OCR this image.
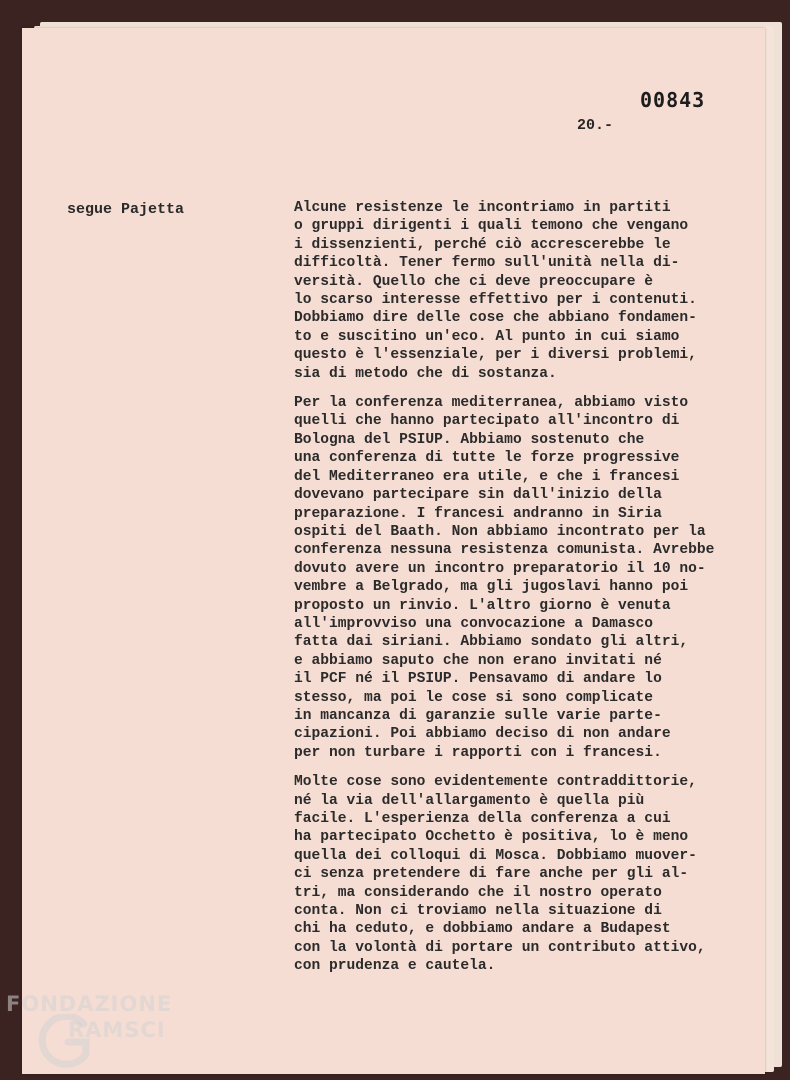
00843
20.-
segue Pajetta	Alcune resistenze le incontriamo in partiti
o gruppi dirigenti i quali temono che vengano
i dissenzienti, perché ciò accrescerebbe le
difficoltà. Tener fermo sull'unità nella di-
versità. Quello che ci deve preoccupare è
lo scarso interesse effettivo per i contenuti.
Dobbiamo dire delle cose che abbiano fondamen-
to e suscitino un'eco. Al punto in cui siamo
questo è l'essenziale, per i diversi problemi,
sia di metodo che di sostanza.
Per la conferenza mediterranea, abbiamo visto
quelli che hanno partecipato all'incontro di
Bologna del PSIUP. Abbiamo sostenuto che
una conferenza di tutte le forze progressive
del Mediterraneo era utile, e che i francesi
dovevano partecipare sin dall'inizio della
preparazione. I francesi andranno in Siria
ospiti del Baath. Non abbiamo incontrato per la
conferenza nessuna resistenza comunista. Avrebbe
dovuto avere un incontro preparatorio il 10 no-
vembre a Belgrado, ma gli jugoslavi hanno poi
proposto un rinvio. L'altro giorno è venuta
all'improvviso una convocazione a Damasco
fatta dai siriani. Abbiamo sondato gli altri,
e abbiamo saputo che non erano invitati né
il PCF né il PSIUP. Pensavamo di andare lo
stesso, ma poi le cose si sono complicate
in mancanza di garanzie sulle varie parte-
cipazioni. Poi abbiamo deciso di non andare
per non turbare i rapporti con i francesi.
Molte cose sono evidentemente contraddittorie,
né la via dell'allargamento è quella più
facile. L'esperienza della conferenza a cui
ha partecipato Occhetto è positiva, lo è meno
quella dei colloqui di Mosca. Dobbiamo muover-
ci senza pretendere di fare anche per gli al-
tri, ma considerando che il nostro operato
conta. Non ci troviamo nella situazione di
chi ha ceduto, e dobbiamo andare a Budapest
con la volontà di portare un contributo attivo,
con prudenza e cautela.
FONDAZIONE
RAMSCI
